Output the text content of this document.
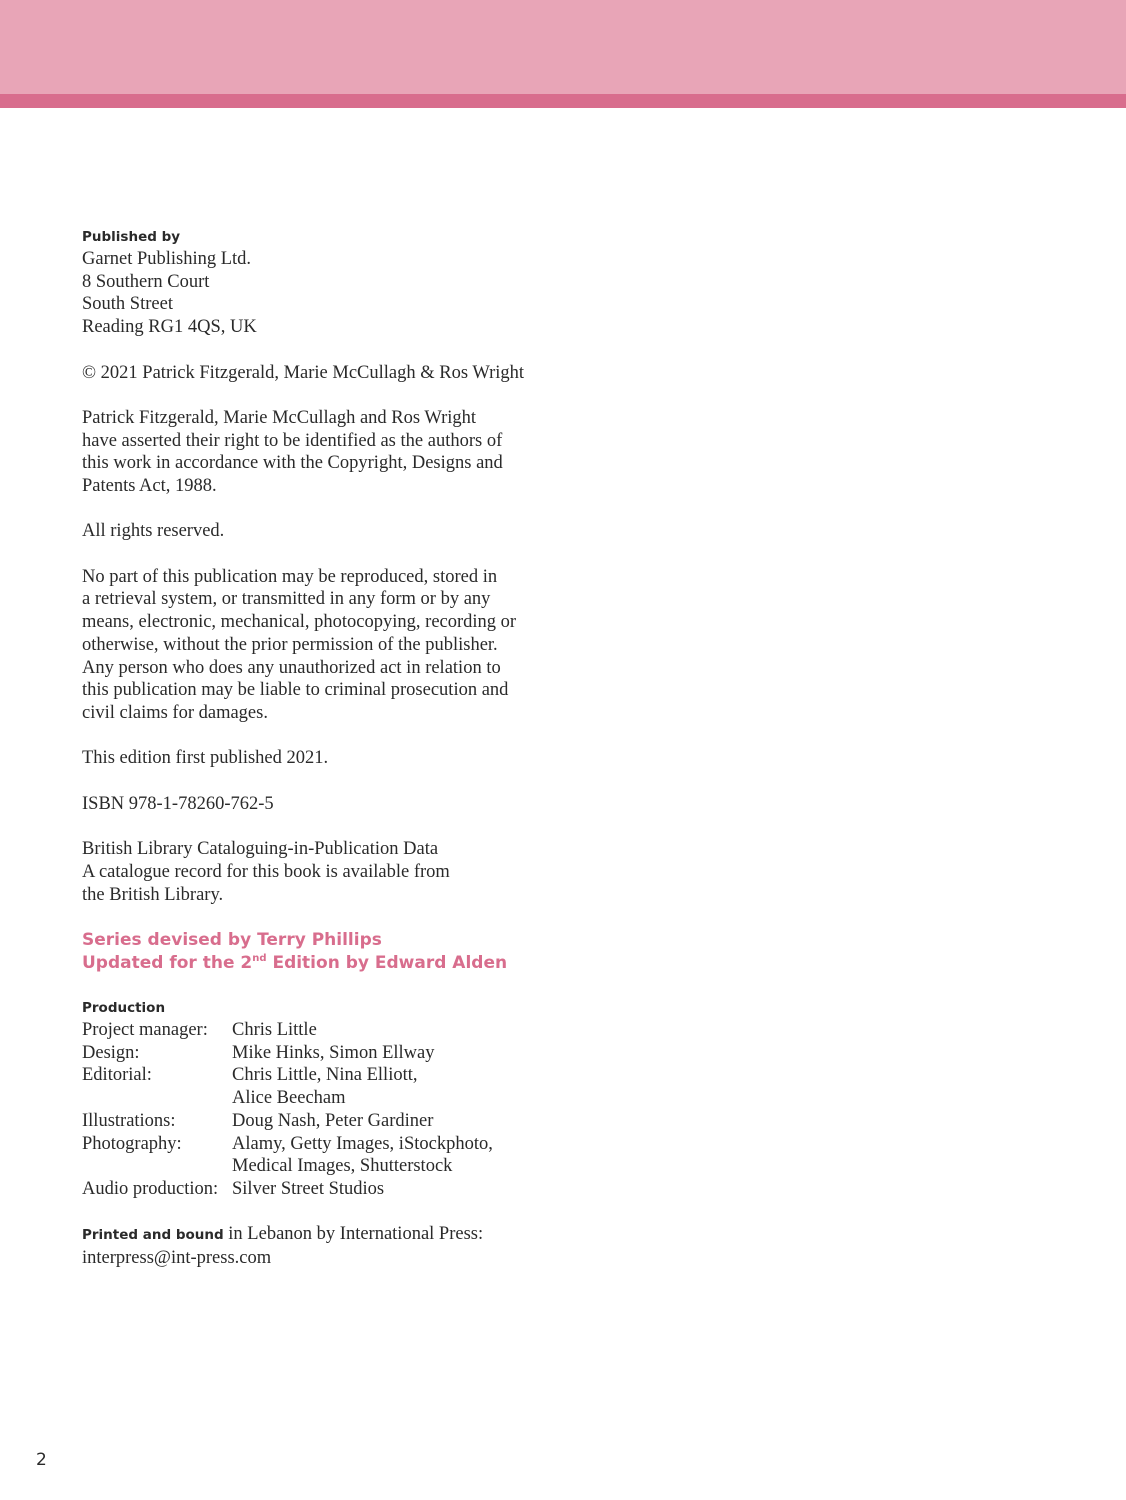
Published by
Garnet Publishing Ltd.
8 Southern Court
South Street
Reading RG1 4QS, UK
© 2021 Patrick Fitzgerald, Marie McCullagh & Ros Wright
Patrick Fitzgerald, Marie McCullagh and Ros Wright
have asserted their right to be identified as the authors of
this work in accordance with the Copyright, Designs and
Patents Act, 1988.
All rights reserved.
No part of this publication may be reproduced, stored in
a retrieval system, or transmitted in any form or by any
means, electronic, mechanical, photocopying, recording or
otherwise, without the prior permission of the publisher.
Any person who does any unauthorized act in relation to
this publication may be liable to criminal prosecution and
civil claims for damages.
This edition first published 2021.
ISBN 978-1-78260-762-5
British Library Cataloguing-in-Publication Data
A catalogue record for this book is available from
the British Library.
Series devised by Terry Phillips
Updated for the 2nd Edition by Edward Alden
Production
Project manager:	Chris Little
Design:	Mike Hinks, Simon Ellway
Editorial:	Chris Little, Nina Elliott,
Alice Beecham
Illustrations:	Doug Nash, Peter Gardiner
Photography:	Alamy, Getty Images, iStockphoto,
Medical Images, Shutterstock
Audio production: Silver Street Studios
Printed and bound in Lebanon by International Press:
interpress@int-press.com
2
